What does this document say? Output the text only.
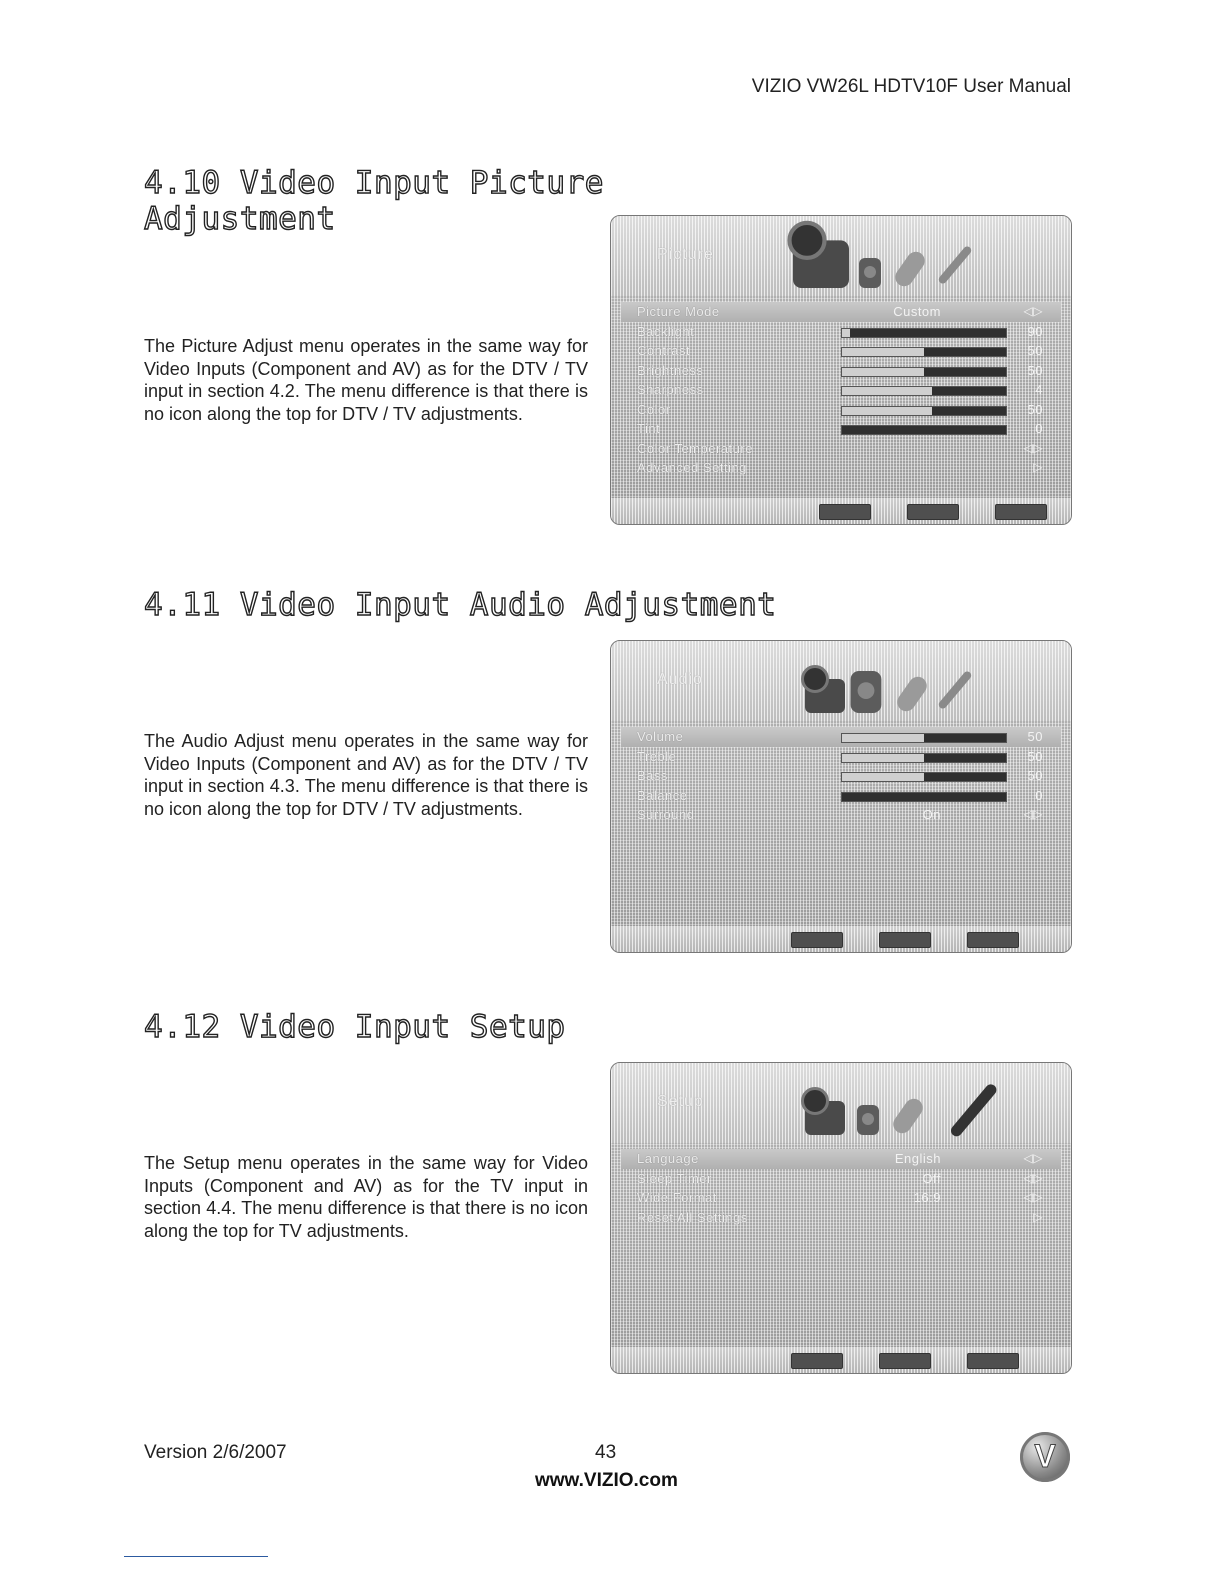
VIZIO VW26L HDTV10F User Manual
4.10 Video Input Picture
Adjustment
The Picture Adjust menu operates in the same way for Video Inputs (Component and AV) as for the DTV / TV input in section 4.2. The menu difference is that there is no icon along the top for DTV / TV adjustments.
Picture
Picture Mode	Custom	◁▷
Backlight	90
Contrast	50
Brightness	50
Sharpness	4
Color	50
Tint	0
Color Temperature	◁▷
Advanced Setting	▷
4.11 Video Input Audio Adjustment
The Audio Adjust menu operates in the same way for Video Inputs (Component and AV) as for the DTV / TV input in section 4.3. The menu difference is that there is no icon along the top for DTV / TV adjustments.
Audio
Volume	50
Treble	50
Bass	50
Balance	0
Surround	On	◁▷
4.12 Video Input Setup
The Setup menu operates in the same way for Video Inputs (Component and AV) as for the TV input in section 4.4. The menu difference is that there is no icon along the top for TV adjustments.
Setup
Language	English	◁▷
Sleep Timer	Off	◁▷
Wide Format	16:9	◁▷
Reset All Settings	▷
Version 2/6/2007	43
www.VIZIO.com
V
